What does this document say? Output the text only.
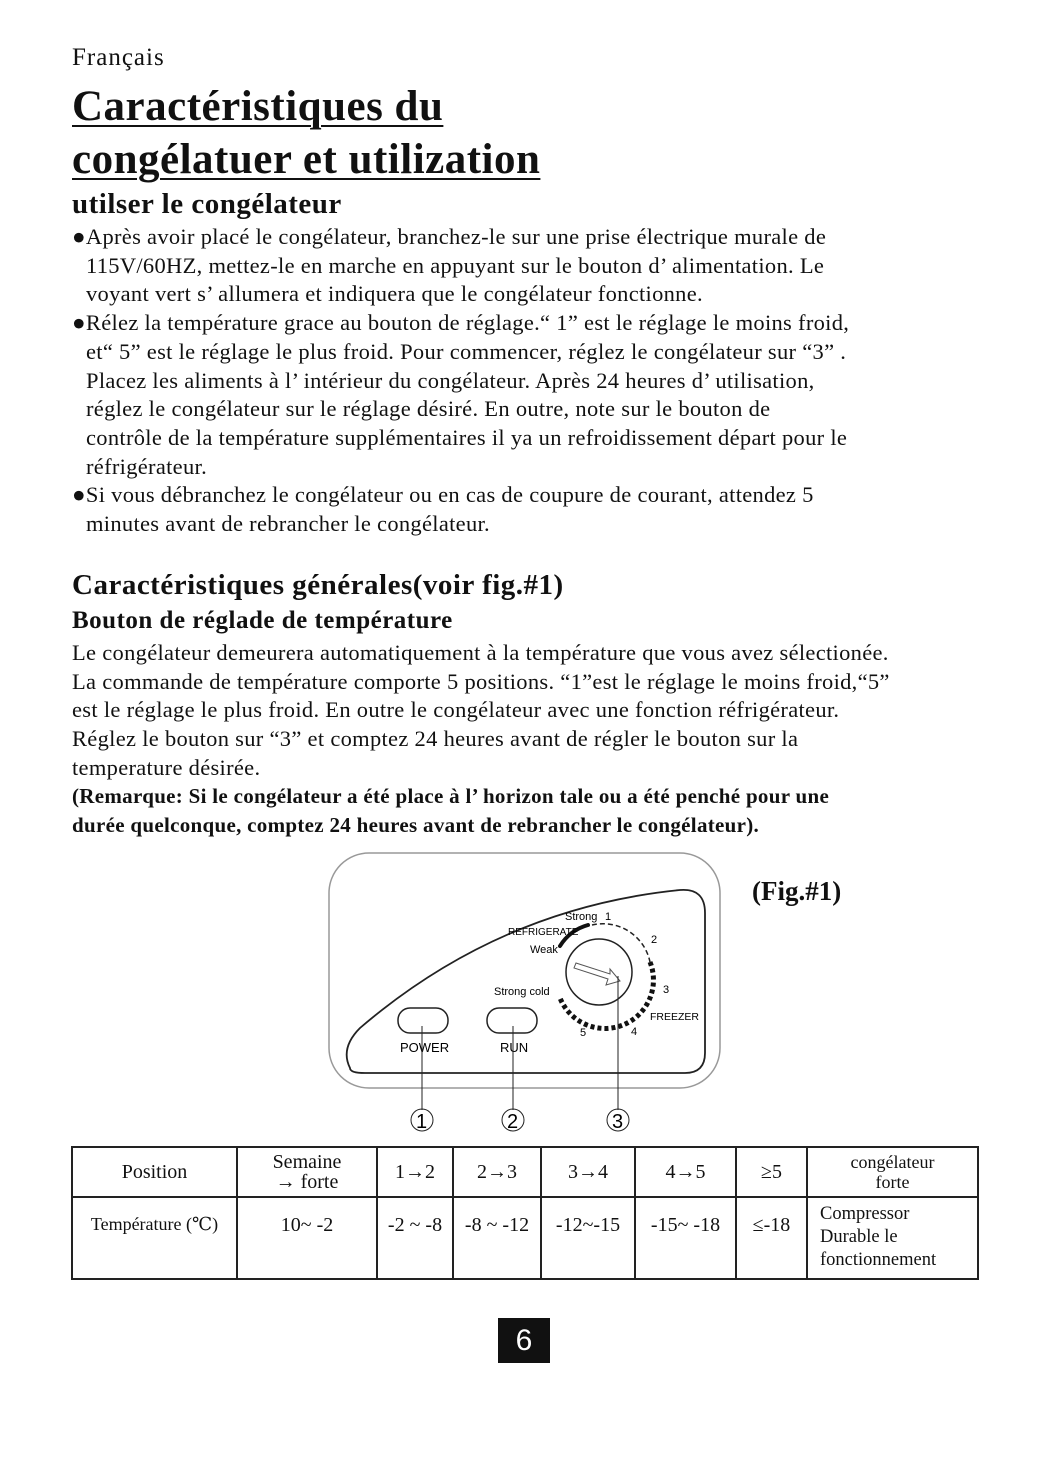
Français
Caractéristiques du
congélatuer et utilization
utilser le congélateur
●Après avoir placé le congélateur, branchez-le sur une prise électrique murale de
115V/60HZ, mettez-le en marche en appuyant sur le bouton d’ alimentation. Le
voyant vert s’ allumera et indiquera que le congélateur fonctionne.
●Rélez la température grace au bouton de réglage.“ 1” est le réglage le moins froid,
et“ 5” est le réglage le plus froid. Pour commencer, réglez le congélateur sur “3” .
Placez les aliments à l’ intérieur du congélateur. Après 24 heures d’ utilisation,
réglez le congélateur sur le réglage désiré. En outre, note sur le bouton de
contrôle de la température supplémentaires il ya un refroidissement départ pour le
réfrigérateur.
●Si vous débranchez le congélateur ou en cas de coupure de courant, attendez 5
minutes avant de rebrancher le congélateur.
Caractéristiques générales(voir fig.#1)
Bouton de réglade de température
Le congélateur demeurera automatiquement à la température que vous avez sélectionée.
La commande de température comporte 5 positions. “1”est le réglage le moins froid,“5”
est le réglage le plus froid. En outre le congélateur avec une fonction réfrigérateur.
Réglez le bouton sur “3” et comptez 24 heures avant de régler le bouton sur la
temperature désirée.
(Remarque: Si le congélateur a été place à l’ horizon tale ou a été penché pour une
durée quelconque, comptez 24 heures avant de rebrancher le congélateur).
POWER	RUN
Strong 1
REFRIGERATE
Weak
2
3
Strong cold
FREEZER
4
5
1	2	3
(Fig.#1)
Position	Semaine
→ forte	1→2	2→3	3→4	4→5	≥5	congélateur
forte
Température (℃)	10~ -2	-2 ~ -8	-8 ~ -12	-12~-15	-15~ -18	≤-18	Compressor
Durable le
fonctionnement
6
